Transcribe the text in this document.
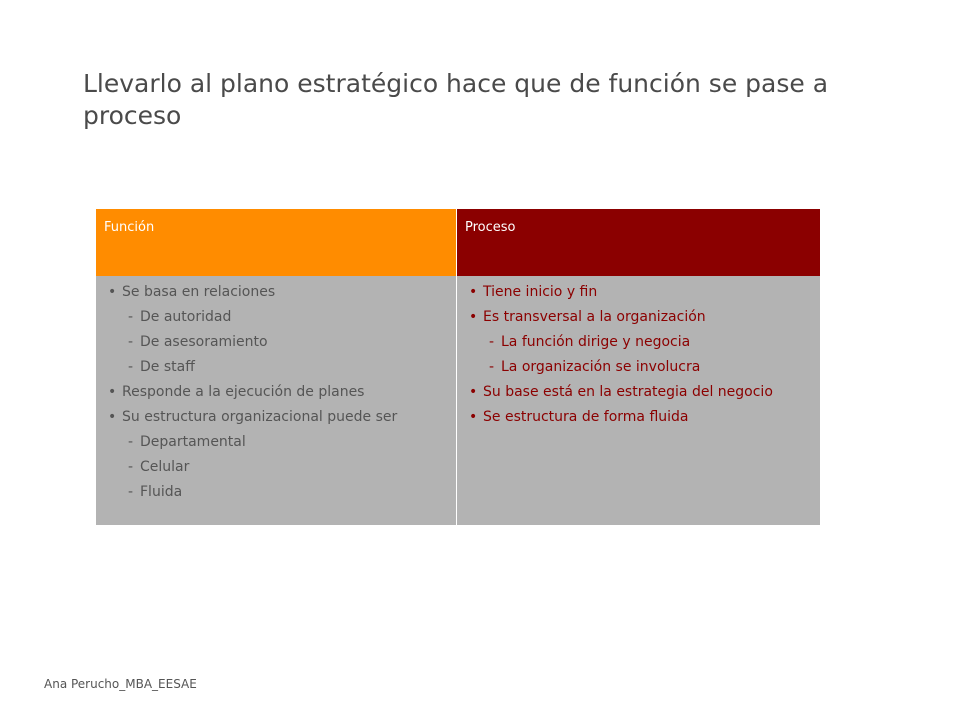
Llevarlo al plano estratégico hace que de función se pase a proceso
Función	Proceso
• Se basa en relaciones
- De autoridad
- De asesoramiento
- De staff
• Responde a la ejecución de planes
• Su estructura organizacional puede ser
- Departamental
- Celular
- Fluida
• Tiene inicio y fin
• Es transversal a la organización
- La función dirige y negocia
- La organización se involucra
• Su base está en la estrategia del negocio
• Se estructura de forma fluida
Ana Perucho_MBA_EESAE
